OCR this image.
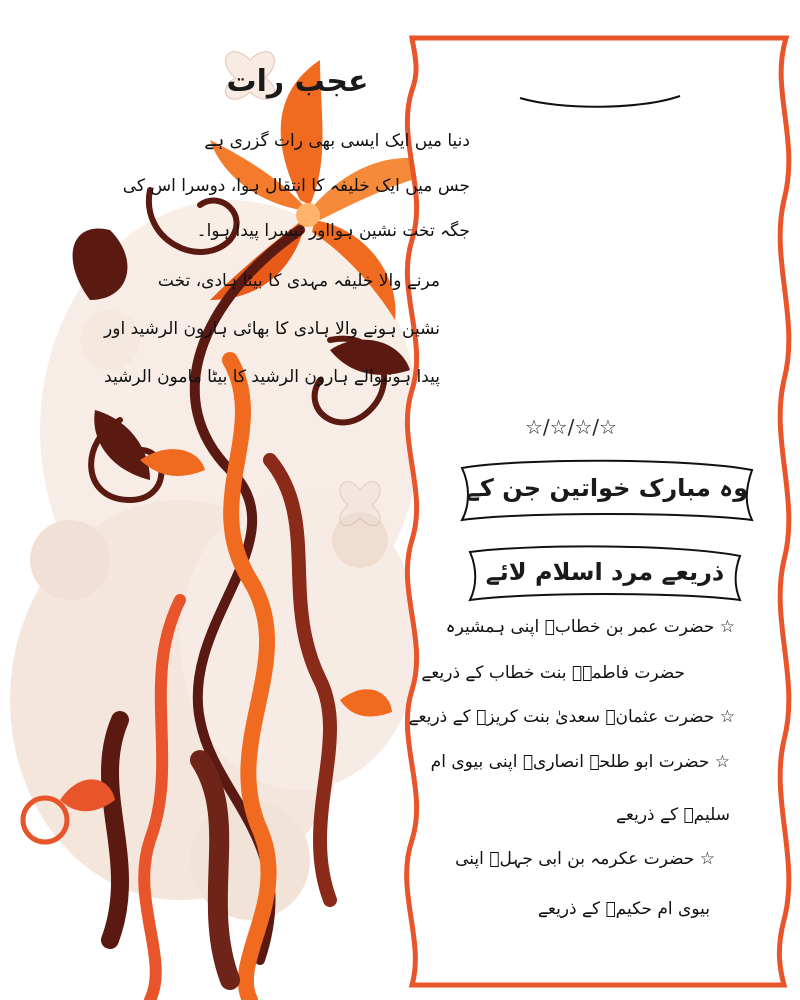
عجب رات
دنیا میں ایک ایسی بھی رات گزری ہے
جس میں ایک خلیفہ کا انتقال ہوا، دوسرا اس کی
جگہ تخت نشین ہوااور تیسرا پیدا ہوا۔
مرنے والا خلیفہ مہدی کا بیٹا ہادی، تخت
نشین ہونے والا ہادی کا بھائی ہارون الرشید اور
پیدا ہونیوالے ہارون الرشید کا بیٹا مامون الرشید
☆/☆/☆/☆
وہ مبارک خواتین جن کے
ذریعے مرد اسلام لائے
☆ حضرت عمر بن خطابؓ اپنی ہمشیرہ
حضرت فاطمہؓ بنت خطاب کے ذریعے
☆ حضرت عثمانؓ سعدیٰ بنت کریزؓ کے ذریعے
☆ حضرت ابو طلحہ انصاریؓ اپنی بیوی ام
سلیمؓ کے ذریعے
☆ حضرت عکرمہ بن ابی جہلؓ اپنی
بیوی ام حکیمؓ کے ذریعے
